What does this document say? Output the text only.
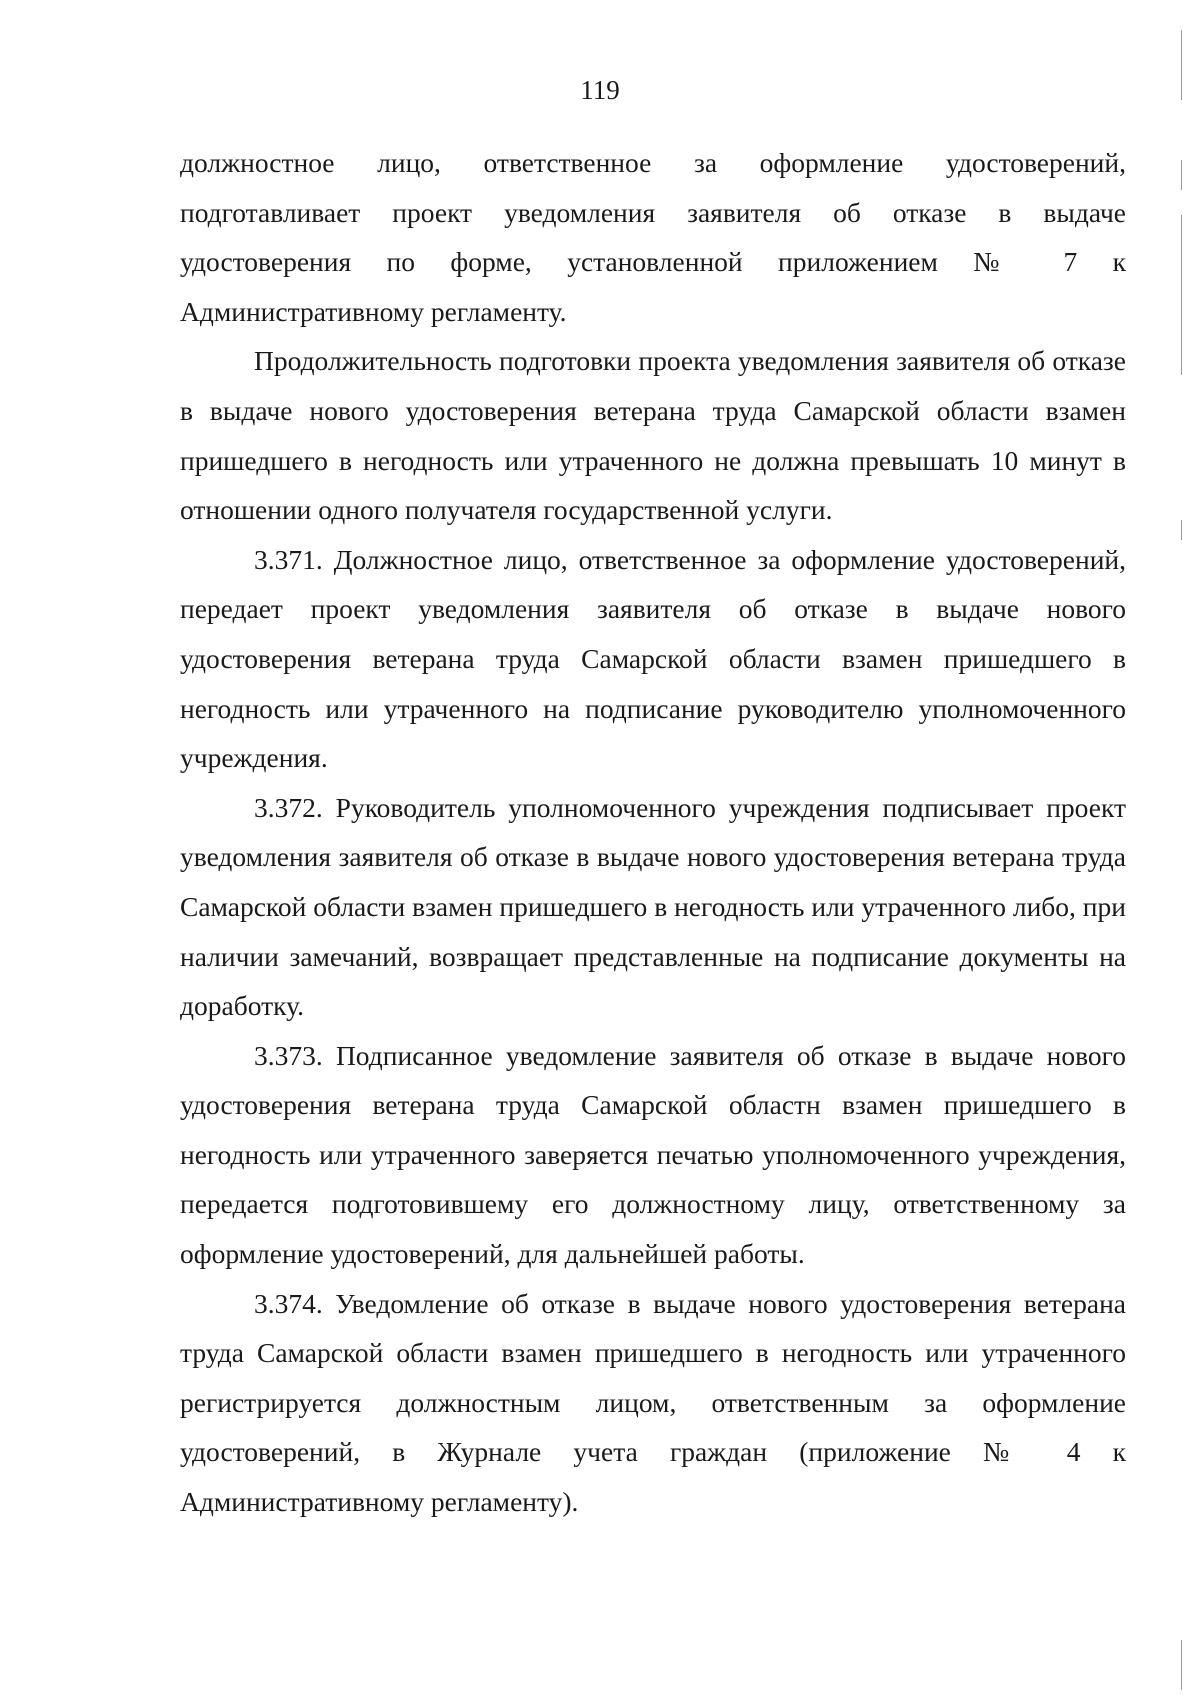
119

должностное лицо, ответственное за оформление удостоверений, подготавливает проект уведомления заявителя об отказе в выдаче удостоверения по форме, установленной приложением № 7 к Административному регламенту.

Продолжительность подготовки проекта уведомления заявителя об отказе в выдаче нового удостоверения ветерана труда Самарской области взамен пришедшего в негодность или утраченного не должна превышать 10 минут в отношении одного получателя государственной услуги.

3.371. Должностное лицо, ответственное за оформление удостоверений, передает проект уведомления заявителя об отказе в выдаче нового удостоверения ветерана труда Самарской области взамен пришедшего в негодность или утраченного на подписание руководителю уполномоченного учреждения.

3.372. Руководитель уполномоченного учреждения подписывает проект уведомления заявителя об отказе в выдаче нового удостоверения ветерана труда Самарской области взамен пришедшего в негодность или утраченного либо, при наличии замечаний, возвращает представленные на подписание документы на доработку.

3.373. Подписанное уведомление заявителя об отказе в выдаче нового удостоверения ветерана труда Самарской областн взамен пришедшего в негодность или утраченного заверяется печатью уполномоченного учреждения, передается подготовившему его должностному лицу, ответственному за оформление удостоверений, для дальнейшей работы.

3.374. Уведомление об отказе в выдаче нового удостоверения ветерана труда Самарской области взамен пришедшего в негодность или утраченного регистрируется должностным лицом, ответственным за оформление удостоверений, в Журнале учета граждан (приложение № 4 к Административному регламенту).
